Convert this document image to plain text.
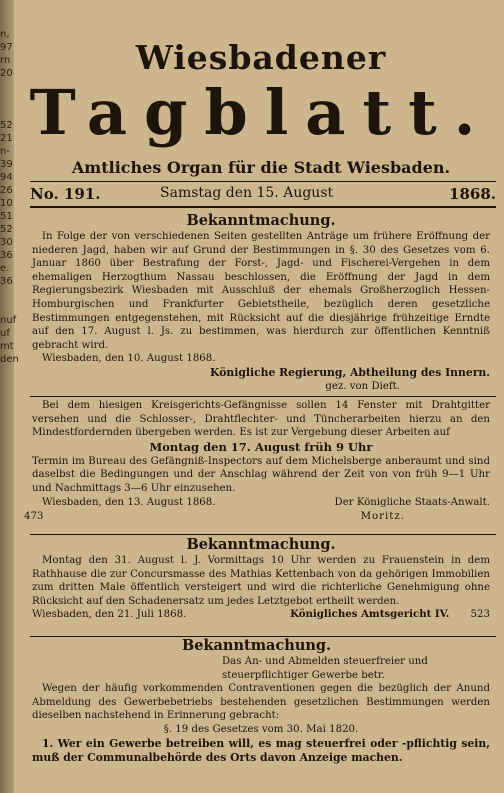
n,
97
rn
20
52
21
n-
39
94
26
10
51
52
30
36
e.
36
nuf
uf
mt
den
Wiesbadener
Tagblatt.
Amtliches Organ für die Stadt Wiesbaden.
No. 191.	Samstag den 15. August	1868.
Bekanntmachung.
In Folge der von verschiedenen Seiten gestellten Anträge um frühere Eröffnung der niederen Jagd, haben wir auf Grund der Bestimmungen in §. 30 des Gesetzes vom 6. Januar 1860 über Bestrafung der Forst-, Jagd- und Fischerei-Vergehen in dem ehemaligen Herzogthum Nassau beschlossen, die Eröffnung der Jagd in dem Regierungsbezirk Wiesbaden mit Ausschluß der ehemals Großherzoglich Hessen-Homburgischen und Frankfurter Gebietstheile, bezüglich deren gesetzliche Bestimmungen entgegenstehen, mit Rücksicht auf die diesjährige frühzeitige Erndte auf den 17. August l. Js. zu bestimmen, was hierdurch zur öffentlichen Kenntniß gebracht wird.
Wiesbaden, den 10. August 1868.
Königliche Regierung, Abtheilung des Innern.
gez. von Dieft.
Bei dem hiesigen Kreisgerichts-Gefängnisse sollen 14 Fenster mit Drahtgitter versehen und die Schlosser-, Drahtflechter- und Tüncherarbeiten hierzu an den Mindestfordernden übergeben werden. Es ist zur Vergebung dieser Arbeiten auf
Montag den 17. August früh 9 Uhr
Termin im Bureau des Gefängniß-Inspectors auf dem Michelsberge anberaumt und sind daselbst die Bedingungen und der Anschlag während der Zeit von von früh 9—1 Uhr und Nachmittags 3—6 Uhr einzusehen.
Wiesbaden, den 13. August 1868.	Der Königliche Staats-Anwalt.
473	Moritz.
Bekanntmachung.
Montag den 31. August l. J. Vormittags 10 Uhr werden zu Frauenstein in dem Rathhause die zur Concursmasse des Mathias Kettenbach von da gehörigen Immobilien zum dritten Male öffentlich versteigert und wird die richterliche Genehmigung ohne Rücksicht auf den Schadenersatz um jedes Letztgebot ertheilt werden.
Wiesbaden, den 21. Juli 1868.	Königliches Amtsgericht IV. 523
Bekanntmachung.
Das An- und Abmelden steuerfreier und steuerpflichtiger Gewerbe betr.
Wegen der häufig vorkommenden Contraventionen gegen die bezüglich der Anund Abmeldung des Gewerbebetriebs bestehenden gesetzlichen Bestimmungen werden dieselben nachstehend in Erinnerung gebracht:
§. 19 des Gesetzes vom 30. Mai 1820.
1. Wer ein Gewerbe betreiben will, es mag steuerfrei oder -pflichtig sein, muß der Communalbehörde des Orts davon Anzeige machen.
